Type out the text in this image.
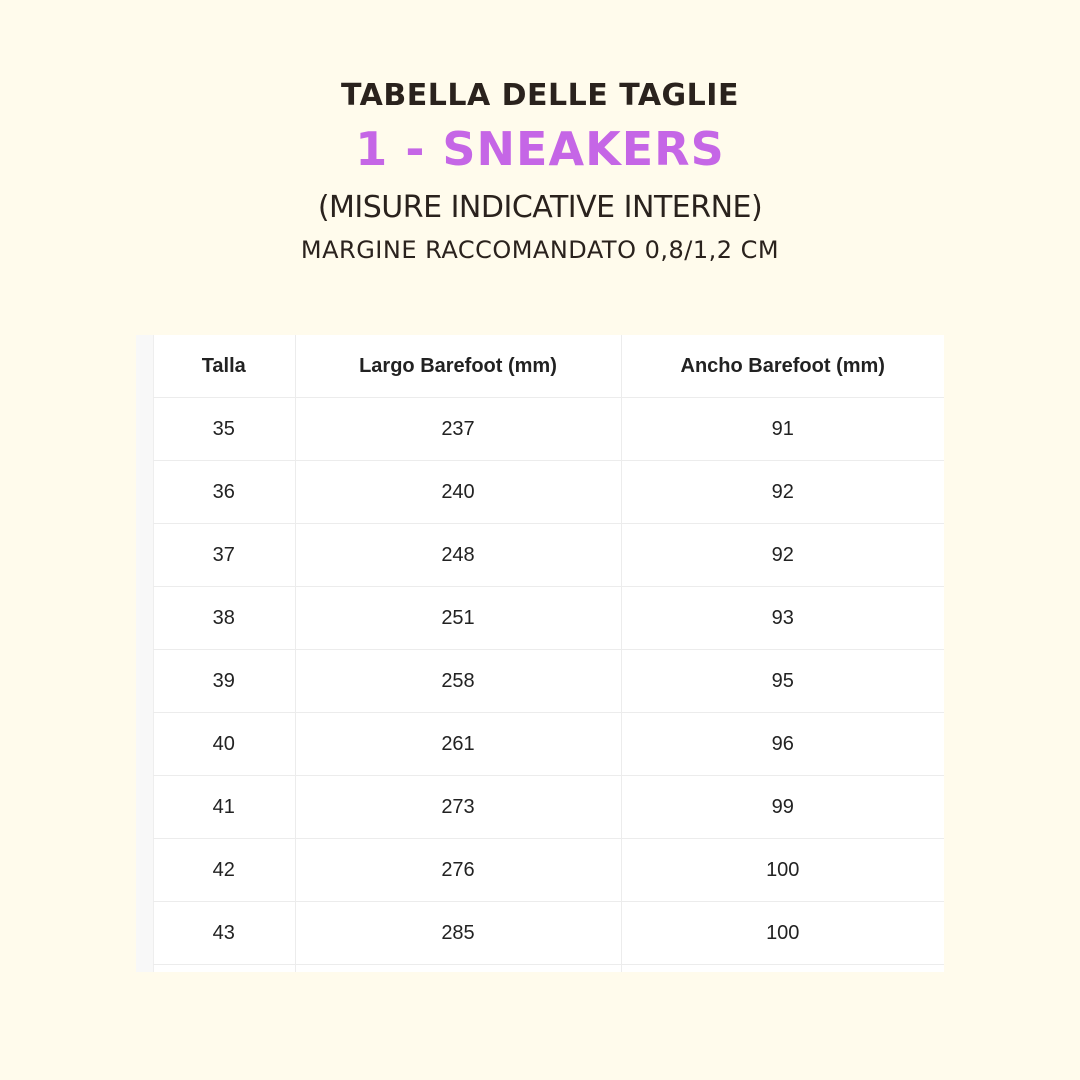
TABELLA DELLE TAGLIE
1 - SNEAKERS
(MISURE INDICATIVE INTERNE)
MARGINE RACCOMANDATO 0,8/1,2 CM
Talla	Largo Barefoot (mm)	Ancho Barefoot (mm)
35	237	91
36	240	92
37	248	92
38	251	93
39	258	95
40	261	96
41	273	99
42	276	100
43	285	100
